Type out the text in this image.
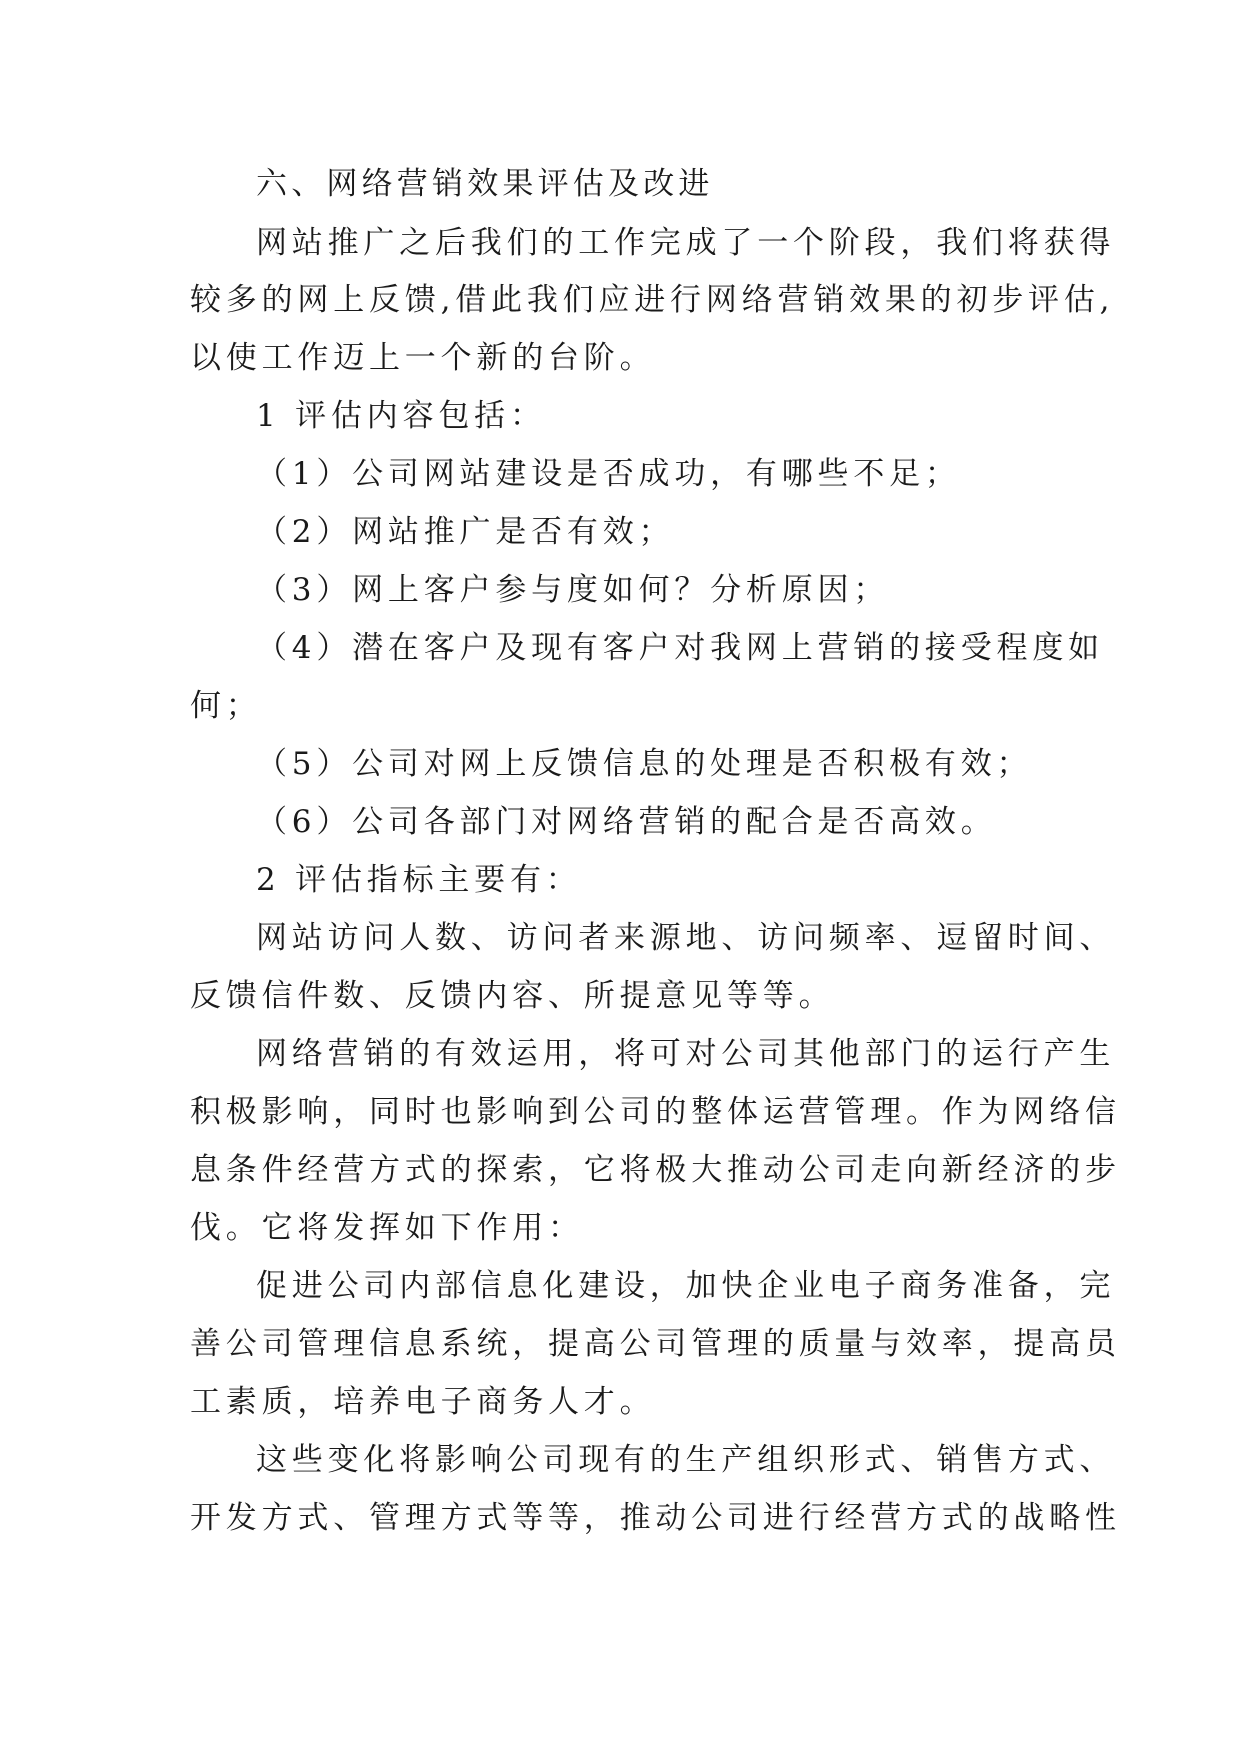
六、网络营销效果评估及改进

网站推广之后我们的工作完成了一个阶段，我们将获得

较多的网上反馈,借此我们应进行网络营销效果的初步评估,

以使工作迈上一个新的台阶。

1 评估内容包括：

（1）公司网站建设是否成功，有哪些不足；

（2）网站推广是否有效；

（3）网上客户参与度如何？分析原因；

（4）潜在客户及现有客户对我网上营销的接受程度如

何；

（5）公司对网上反馈信息的处理是否积极有效；

（6）公司各部门对网络营销的配合是否高效。

2 评估指标主要有：

网站访问人数、访问者来源地、访问频率、逗留时间、

反馈信件数、反馈内容、所提意见等等。

网络营销的有效运用，将可对公司其他部门的运行产生

积极影响，同时也影响到公司的整体运营管理。作为网络信

息条件经营方式的探索，它将极大推动公司走向新经济的步

伐。它将发挥如下作用：

促进公司内部信息化建设，加快企业电子商务准备，完

善公司管理信息系统，提高公司管理的质量与效率，提高员

工素质，培养电子商务人才。

这些变化将影响公司现有的生产组织形式、销售方式、

开发方式、管理方式等等，推动公司进行经营方式的战略性
